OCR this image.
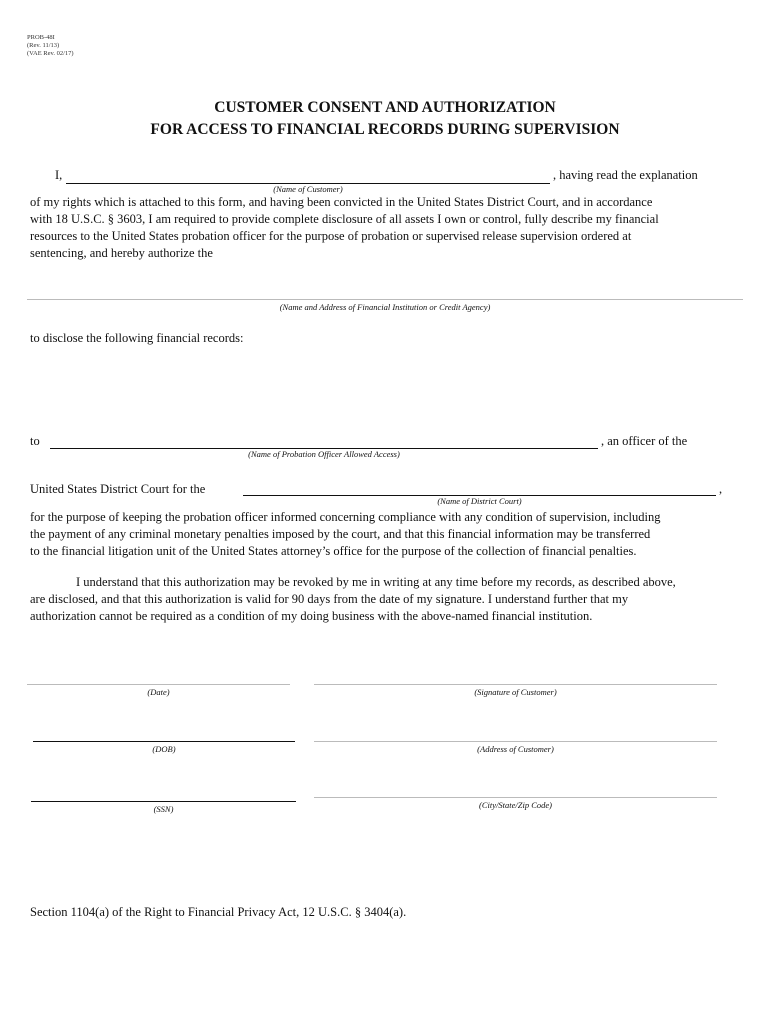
PROB-48I
(Rev. 11/13)
(VAE Rev. 02/17)
CUSTOMER CONSENT AND AUTHORIZATION
FOR ACCESS TO FINANCIAL RECORDS DURING SUPERVISION
I,	, having read the explanation
(Name of Customer)
of my rights which is attached to this form, and having been convicted in the United States District Court, and in accordance
with 18 U.S.C. § 3603, I am required to provide complete disclosure of all assets I own or control, fully describe my financial
resources to the United States probation officer for the purpose of probation or supervised release supervision ordered at
sentencing, and hereby authorize the
(Name and Address of Financial Institution or Credit Agency)
to disclose the following financial records:
to	, an officer of the
(Name of Probation Officer Allowed Access)
United States District Court for the	,
(Name of District Court)
for the purpose of keeping the probation officer informed concerning compliance with any condition of supervision, including
the payment of any criminal monetary penalties imposed by the court, and that this financial information may be transferred
to the financial litigation unit of the United States attorney’s office for the purpose of the collection of financial penalties.
I understand that this authorization may be revoked by me in writing at any time before my records, as described above,
are disclosed, and that this authorization is valid for 90 days from the date of my signature. I understand further that my
authorization cannot be required as a condition of my doing business with the above-named financial institution.
(Date)	(Signature of Customer)
(DOB)	(Address of Customer)
(SSN)	(City/State/Zip Code)
Section 1104(a) of the Right to Financial Privacy Act, 12 U.S.C. § 3404(a).
